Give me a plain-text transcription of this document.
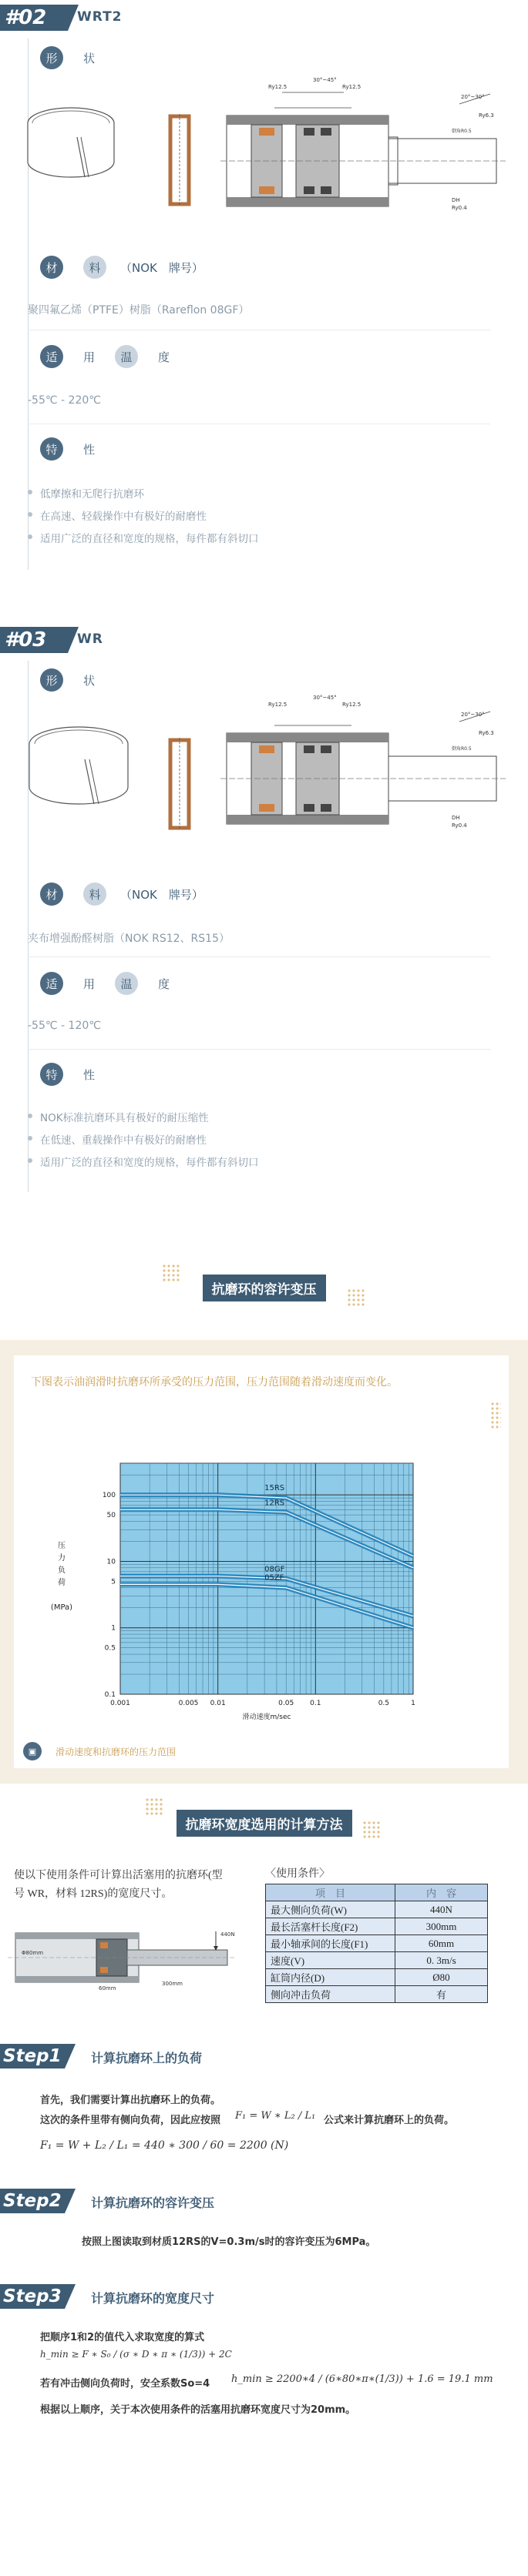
#02	WRT2
形	状
Ry12.5
30°~45°
Ry12.5
20°~30°
倒角R0.5
Ry6.3
DH
Ry0.4
材	料	（NOK　牌号）
聚四氟乙烯（PTFE）树脂（Rareflon 08GF）
适	用	温	度
-55℃ - 220℃
特	性
低摩擦和无爬行抗磨环
在高速、轻载操作中有极好的耐磨性
适用广泛的直径和宽度的规格，每件都有斜切口
#03	WR
形	状
Ry12.5
30°~45°
Ry12.5
20°~30°
倒角R0.5
Ry6.3
DH
Ry0.4
材	料	（NOK　牌号）
夹布增强酚醛树脂（NOK RS12、RS15）
适	用	温	度
-55℃ - 120℃
特	性
NOK标准抗磨环具有极好的耐压缩性
在低速、重载操作中有极好的耐磨性
适用广泛的直径和宽度的规格，每件都有斜切口
抗磨环的容许变压
下图表示油润滑时抗磨环所承受的压力范围，压力范围随着滑动速度而变化。
0.001	0.005 0.01	0.05 0.1	0.5	1
100
50
10
5
1
0.5
0.1
滑动速度m/sec
压
力
负
荷
(MPa)
15RS
12RS
08GF
05ZF
▣	滑动速度和抗磨环的压力范围
抗磨环宽度选用的计算方法
使以下使用条件可计算出活塞用的抗磨环(型
号 WR，材料 12RS)的宽度尺寸。
440N
300mm
Φ80mm
60mm
〈使用条件〉
项　目	内　容
最大侧向负荷(W)	440N
最长活塞杆长度(F2)	300mm
最小轴承间的长度(F1)	60mm
速度(V)	0. 3m/s
缸筒内径(D)	Ø80
侧向冲击负荷	有
Step1 计算抗磨环上的负荷
首先，我们需要计算出抗磨环上的负荷。
这次的条件里带有侧向负荷，因此应按照 F₁ = W ∗ L₂ / L₁ 公式来计算抗磨环上的负荷。
F₁ = W + L₂ / L₁ = 440 ∗ 300 / 60 = 2200 (N)
Step2 计算抗磨环的容许变压
按照上图读取到材质12RS的V=0.3m/s时的容许变压为6MPa。
Step3 计算抗磨环的宽度尺寸
把顺序1和2的值代入求取宽度的算式
h_min ≥ F ∗ S₀ / (σ ∗ D ∗ π ∗ (1/3)) + 2C
若有冲击侧向负荷时，安全系数So=4 h_min ≥ 2200∗4 / (6∗80∗π∗(1/3)) + 1.6 = 19.1 mm
根据以上顺序，关于本次使用条件的活塞用抗磨环宽度尺寸为20mm。
